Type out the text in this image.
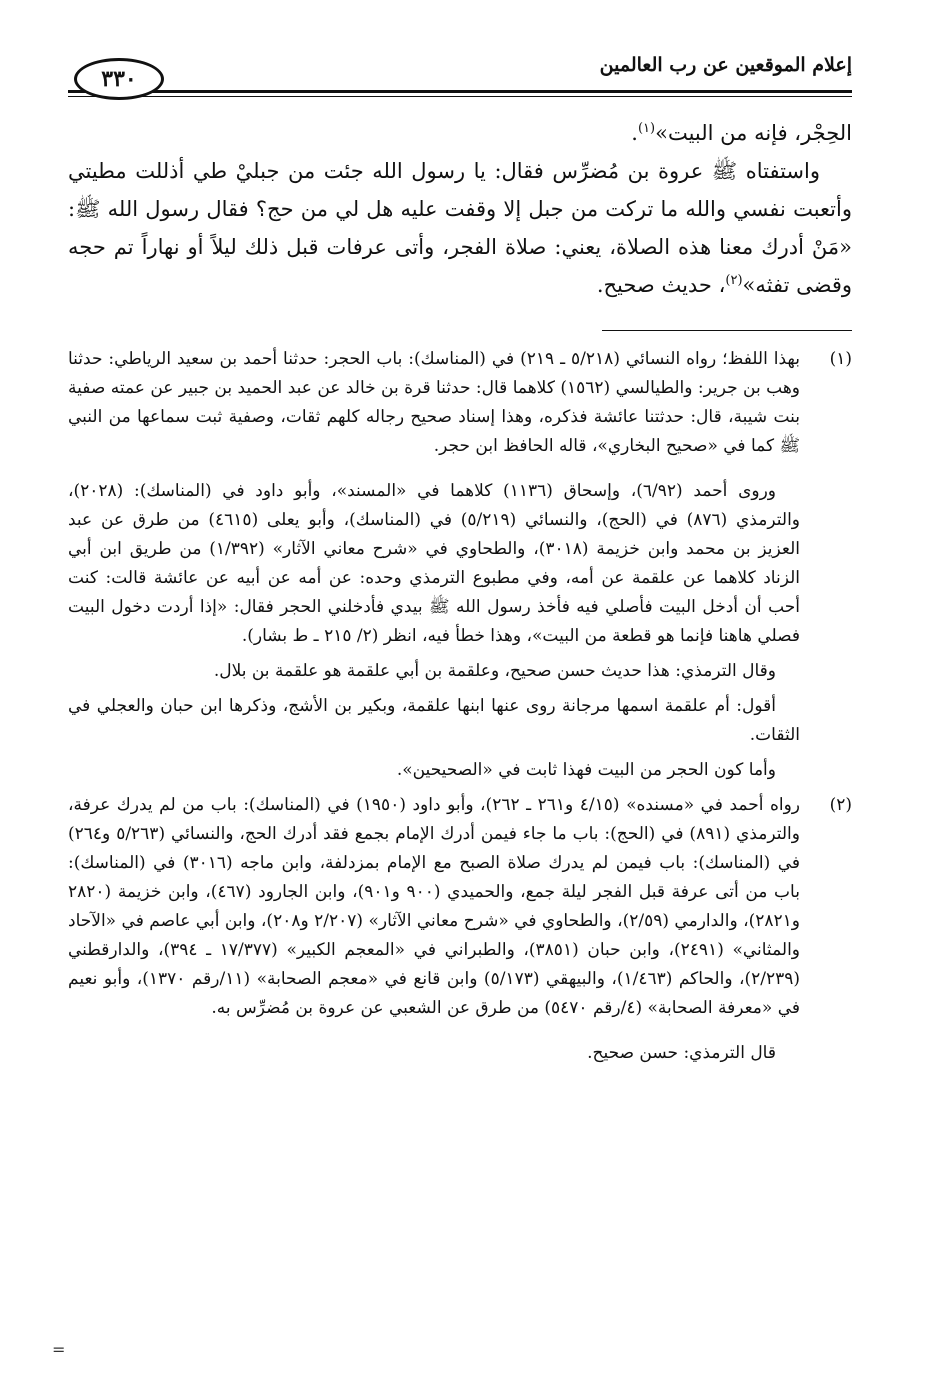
إعلام الموقعين عن رب العالمين
٣٣٠

الحِجْر، فإنه من البيت»$^{(١)}$.

واستفتاه ﷺ عروة بن مُضرِّس فقال: يا رسول الله جئت من جبليْ طي أذللت مطيتي وأتعبت نفسي والله ما تركت من جبل إلا وقفت عليه هل لي من حج؟ فقال رسول الله ﷺ: «مَنْ أدرك معنا هذه الصلاة، يعني: صلاة الفجر، وأتى عرفات قبل ذلك ليلاً أو نهاراً تم حجه وقضى تفثه»$^{(٢)}$، حديث صحيح.

(١)

بهذا اللفظ؛ رواه النسائي (٥/٢١٨ ـ ٢١٩) في (المناسك): باب الحجر: حدثنا أحمد بن سعيد الرياطي: حدثنا وهب بن جرير: والطيالسي (١٥٦٢) كلاهما قال: حدثنا قرة بن خالد عن عبد الحميد بن جبير عن عمته صفية بنت شيبة، قال: حدثتنا عائشة فذكره، وهذا إسناد صحيح رجاله كلهم ثقات، وصفية ثبت سماعها من النبي ﷺ كما في «صحيح البخاري»، قاله الحافظ ابن حجر.

وروى أحمد (٦/٩٢)، وإسحاق (١١٣٦) كلاهما في «المسند»، وأبو داود في (المناسك): (٢٠٢٨)، والترمذي (٨٧٦) في (الحج)، والنسائي (٥/٢١٩) في (المناسك)، وأبو يعلى (٤٦١٥) من طرق عن عبد العزيز بن محمد وابن خزيمة (٣٠١٨)، والطحاوي في «شرح معاني الآثار» (١/٣٩٢) من طريق ابن أبي الزناد كلاهما عن علقمة عن أمه، وفي مطبوع الترمذي وحده: عن أمه عن أبيه عن عائشة قالت: كنت أحب أن أدخل البيت فأصلي فيه فأخذ رسول الله ﷺ بيدي فأدخلني الحجر فقال: «إذا أردت دخول البيت فصلي هاهنا فإنما هو قطعة من البيت»، وهذا خطأ فيه، انظر (٢/ ٢١٥ ـ ط بشار).

وقال الترمذي: هذا حديث حسن صحيح، وعلقمة بن أبي علقمة هو علقمة بن بلال.

أقول: أم علقمة اسمها مرجانة روى عنها ابنها علقمة، وبكير بن الأشج، وذكرها ابن حبان والعجلي في الثقات.

وأما كون الحجر من البيت فهذا ثابت في «الصحيحين».

(٢)

رواه أحمد في «مسنده» (٤/١٥ و٢٦١ ـ ٢٦٢)، وأبو داود (١٩٥٠) في (المناسك): باب من لم يدرك عرفة، والترمذي (٨٩١) في (الحج): باب ما جاء فيمن أدرك الإمام بجمع فقد أدرك الحج، والنسائي (٥/٢٦٣ و٢٦٤) في (المناسك): باب فيمن لم يدرك صلاة الصبح مع الإمام بمزدلفة، وابن ماجه (٣٠١٦) في (المناسك): باب من أتى عرفة قبل الفجر ليلة جمع، والحميدي (٩٠٠ و٩٠١)، وابن الجارود (٤٦٧)، وابن خزيمة (٢٨٢٠ و٢٨٢١)، والدارمي (٢/٥٩)، والطحاوي في «شرح معاني الآثار» (٢/٢٠٧ و٢٠٨)، وابن أبي عاصم في «الآحاد والمثاني» (٢٤٩١)، وابن حبان (٣٨٥١)، والطبراني في «المعجم الكبير» (١٧/٣٧٧ ـ ٣٩٤)، والدارقطني (٢/٢٣٩)، والحاكم (١/٤٦٣)، والبيهقي (٥/١٧٣) وابن قانع في «معجم الصحابة» (١١/رقم ١٣٧٠)، وأبو نعيم في «معرفة الصحابة» (٤/رقم ٥٤٧٠) من طرق عن الشعبي عن عروة بن مُضرِّس به.

قال الترمذي: حسن صحيح.

=
